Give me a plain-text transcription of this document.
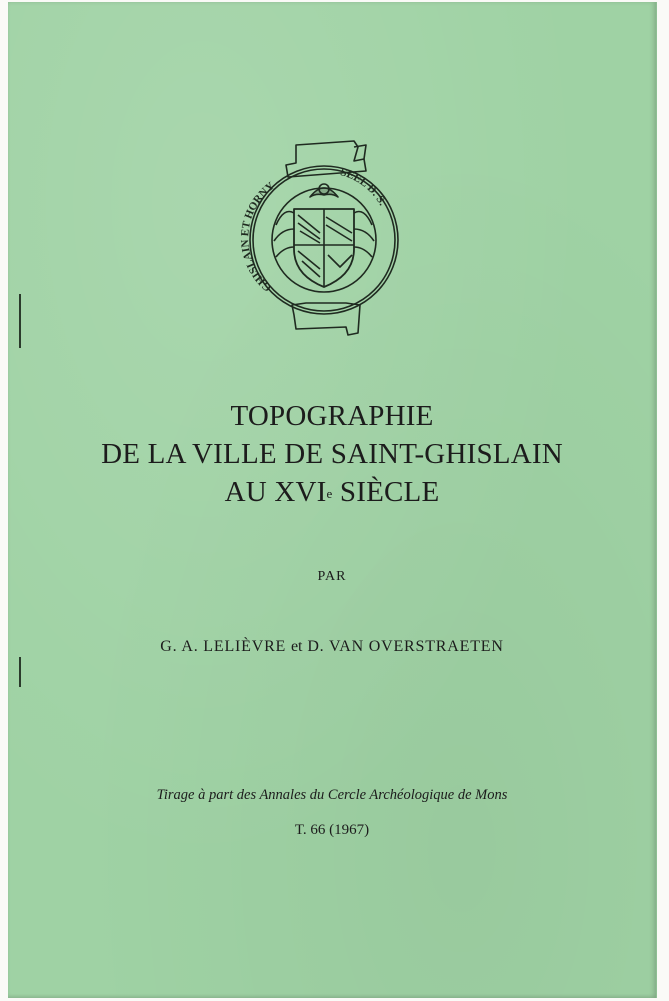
GHISLAIN ET HORNY
SEEL D. S.
TOPOGRAPHIE
DE LA VILLE DE SAINT-GHISLAIN
AU XVIe SIÈCLE
PAR
G. A. LELIÈVRE et D. VAN OVERSTRAETEN
Tirage à part des Annales du Cercle Archéologique de Mons
T. 66 (1967)
